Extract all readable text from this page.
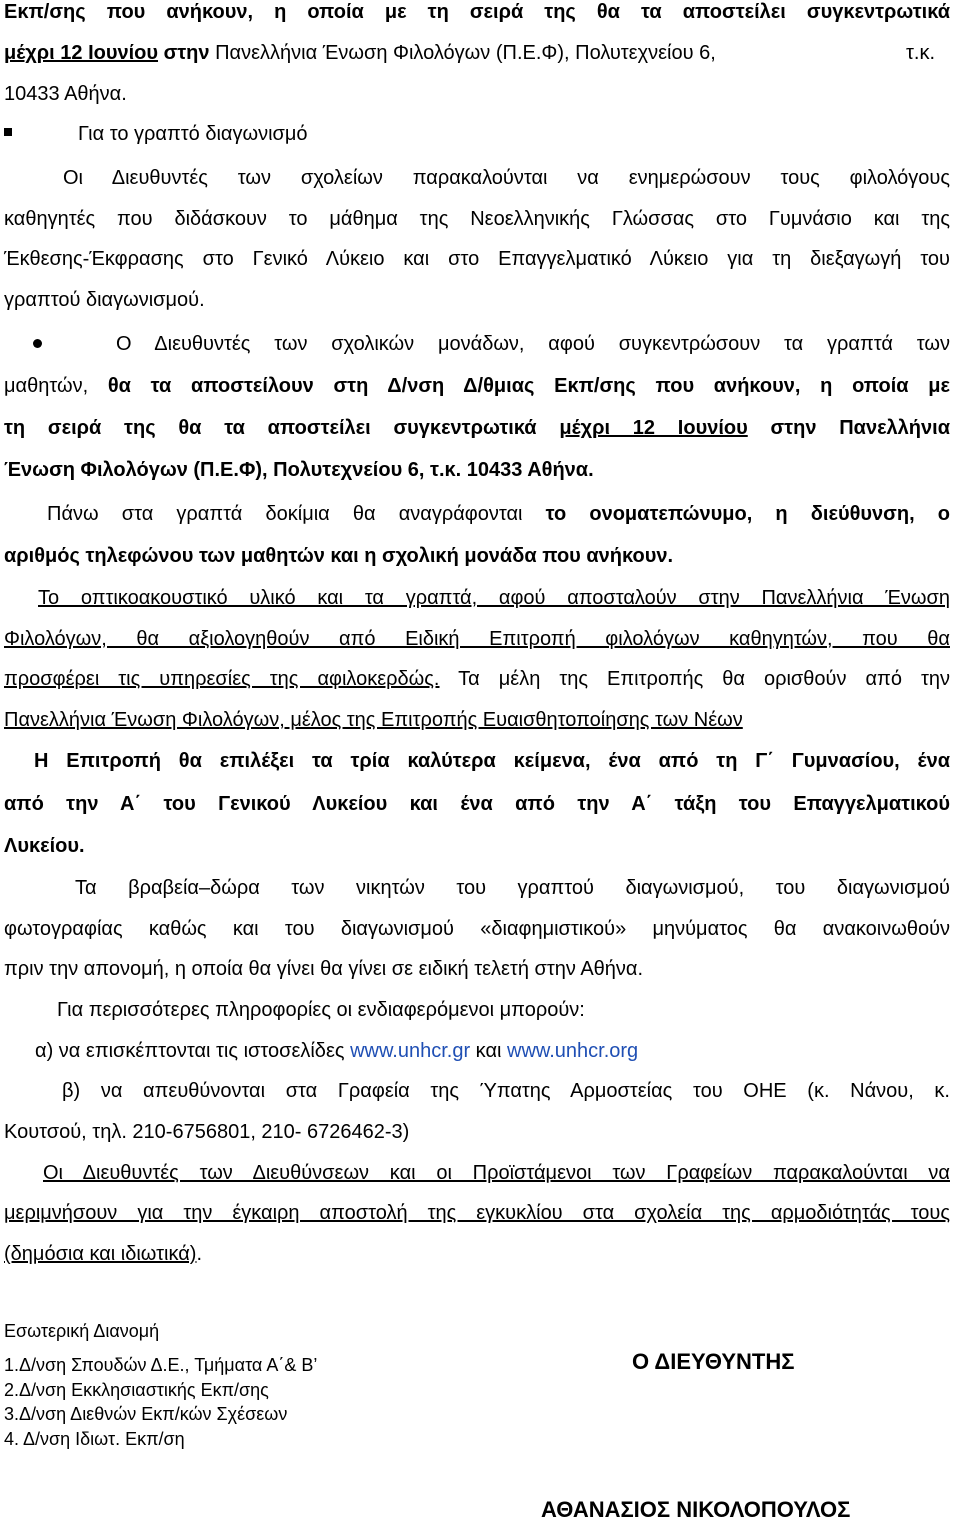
Εκπ/σης που ανήκουν, η οποία με τη σειρά της θα τα αποστείλει συγκεντρωτικά
μέχρι 12 Ιουνίου στην Πανελλήνια Ένωση Φιλολόγων (Π.Ε.Φ), Πολυτεχνείου 6,	τ.κ.
10433 Αθήνα.
Για το γραπτό διαγωνισμό
Οι Διευθυντές των σχολείων παρακαλούνται να ενημερώσουν τους φιλολόγους
καθηγητές που διδάσκουν το μάθημα της Νεοελληνικής Γλώσσας στο Γυμνάσιο και της
Έκθεσης-Έκφρασης στο Γενικό Λύκειο και στο Επαγγελματικό Λύκειο για τη διεξαγωγή του
γραπτού διαγωνισμού.
Ο Διευθυντές των σχολικών μονάδων, αφού συγκεντρώσουν τα γραπτά των
μαθητών, θα τα αποστείλουν στη Δ/νση Δ/θμιας Εκπ/σης που ανήκουν, η οποία με
τη σειρά της θα τα αποστείλει συγκεντρωτικά μέχρι 12 Ιουνίου στην Πανελλήνια
Ένωση Φιλολόγων (Π.Ε.Φ), Πολυτεχνείου 6, τ.κ. 10433 Αθήνα.
Πάνω στα γραπτά δοκίμια θα αναγράφονται το ονοματεπώνυμο, η διεύθυνση, ο
αριθμός τηλεφώνου των μαθητών και η σχολική μονάδα που ανήκουν.
Το οπτικοακουστικό υλικό και τα γραπτά, αφού αποσταλούν στην Πανελλήνια Ένωση
Φιλολόγων, θα αξιολογηθούν από Ειδική Επιτροπή φιλολόγων καθηγητών, που θα
προσφέρει τις υπηρεσίες της αφιλοκερδώς. Τα μέλη της Επιτροπής θα ορισθούν από την
Πανελλήνια Ένωση Φιλολόγων, μέλος της Επιτροπής Ευαισθητοποίησης των Νέων
Η Επιτροπή θα επιλέξει τα τρία καλύτερα κείμενα, ένα από τη Γ΄ Γυμνασίου, ένα
από την Α΄ του Γενικού Λυκείου και ένα από την Α΄ τάξη του Επαγγελματικού
Λυκείου.
Τα βραβεία–δώρα των νικητών του γραπτού διαγωνισμού, του διαγωνισμού
φωτογραφίας καθώς και του διαγωνισμού «διαφημιστικού» μηνύματος θα ανακοινωθούν
πριν την απονομή, η οποία θα γίνει θα γίνει σε ειδική τελετή στην Αθήνα.
Για περισσότερες πληροφορίες οι ενδιαφερόμενοι μπορούν:
α) να επισκέπτονται τις ιστοσελίδες www.unhcr.gr και www.unhcr.org
β) να απευθύνονται στα Γραφεία της Ύπατης Αρμοστείας του ΟΗΕ (κ. Νάνου, κ.
Κουτσού, τηλ. 210-6756801, 210- 6726462-3)
Οι Διευθυντές των Διευθύνσεων και οι Προϊστάμενοι των Γραφείων παρακαλούνται να
μεριμνήσουν για την έγκαιρη αποστολή της εγκυκλίου στα σχολεία της αρμοδιότητάς τους
(δημόσια και ιδιωτικά).
Εσωτερική Διανομή
1.Δ/νση Σπουδών Δ.Ε., Τμήματα Α΄& Β’
2.Δ/νση Εκκλησιαστικής Εκπ/σης
3.Δ/νση Διεθνών Εκπ/κών Σχέσεων
4. Δ/νση Ιδιωτ. Εκπ/ση
Ο ΔΙΕΥΘΥΝΤΗΣ
ΑΘΑΝΑΣΙΟΣ ΝΙΚΟΛΟΠΟΥΛΟΣ
